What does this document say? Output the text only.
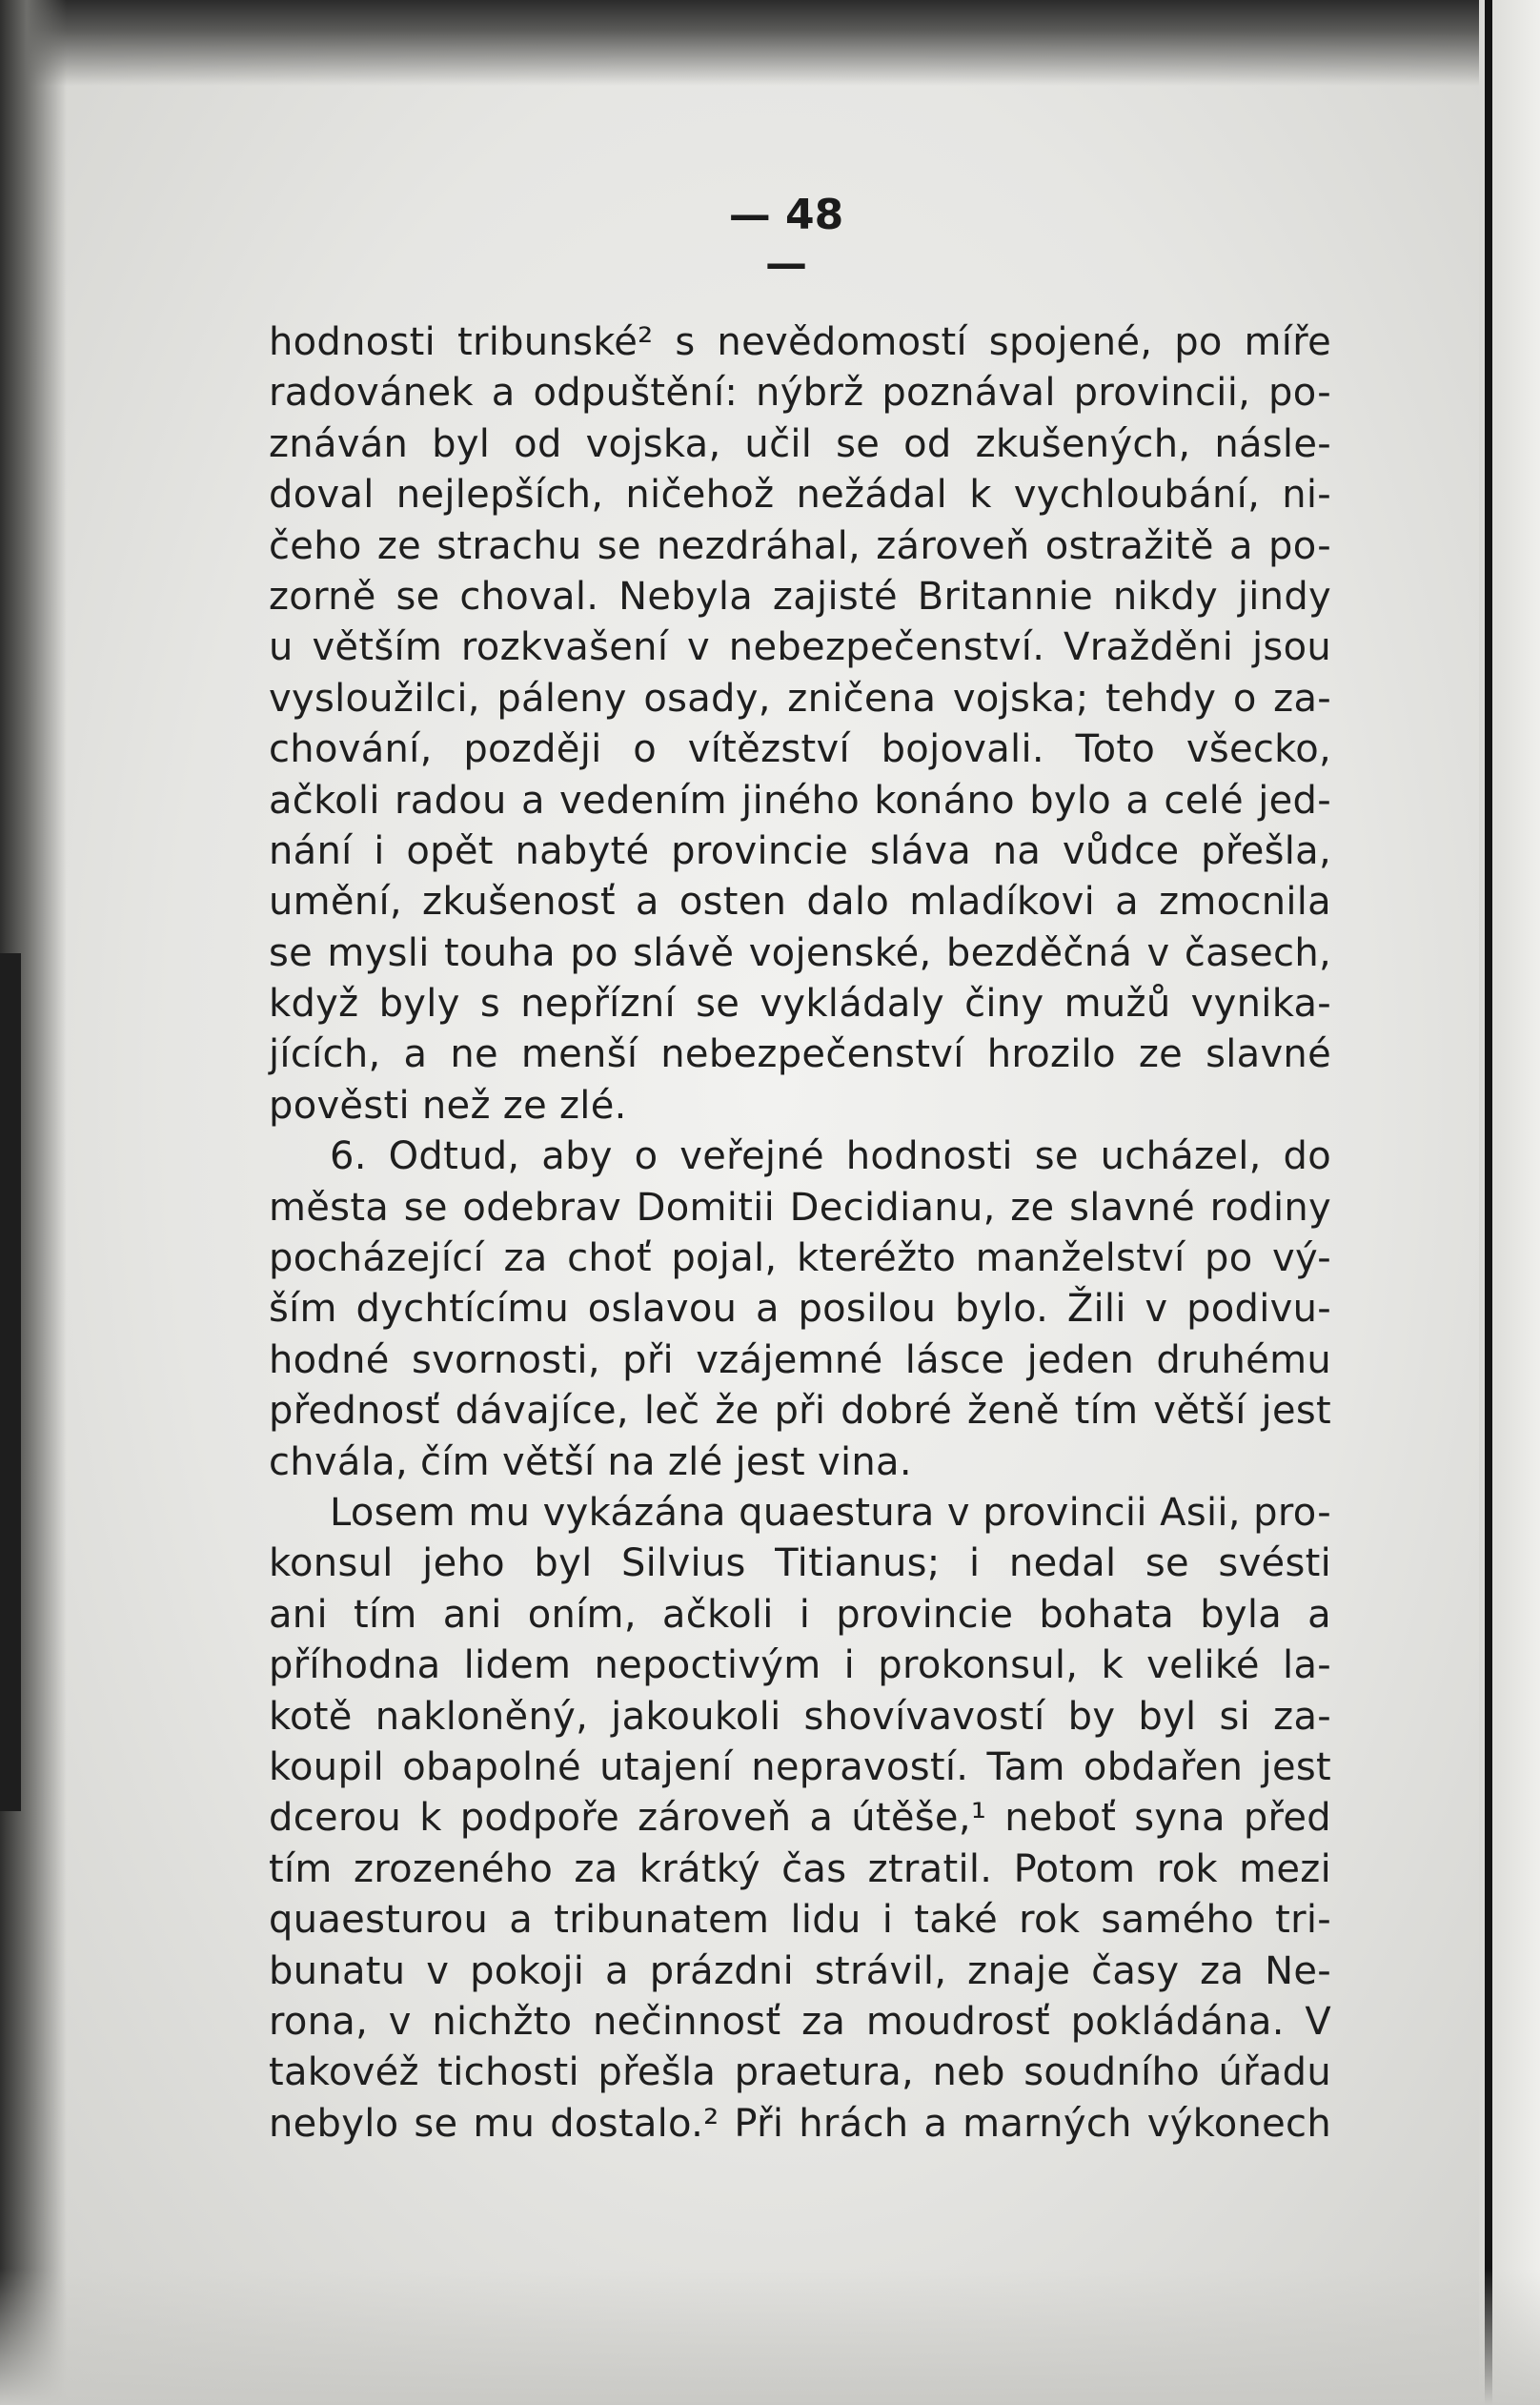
— 48 —
hodnosti tribunské² s nevědomostí spojené, po míře
radovánek a odpuštění: nýbrž poznával provincii, po-
znáván byl od vojska, učil se od zkušených, násle-
doval nejlepších, ničehož nežádal k vychloubání, ni-
čeho ze strachu se nezdráhal, zároveň ostražitě a po-
zorně se choval. Nebyla zajisté Britannie nikdy jindy
u větším rozkvašení v nebezpečenství. Vražděni jsou
vysloužilci, páleny osady, zničena vojska; tehdy o za-
chování, později o vítězství bojovali. Toto všecko,
ačkoli radou a vedením jiného konáno bylo a celé jed-
nání i opět nabyté provincie sláva na vůdce přešla,
umění, zkušenosť a osten dalo mladíkovi a zmocnila
se mysli touha po slávě vojenské, bezděčná v časech,
když byly s nepřízní se vykládaly činy mužů vynika-
jících, a ne menší nebezpečenství hrozilo ze slavné
pověsti než ze zlé.
6. Odtud, aby o veřejné hodnosti se ucházel, do
města se odebrav Domitii Decidianu, ze slavné rodiny
pocházející za choť pojal, kteréžto manželství po vý-
ším dychtícímu oslavou a posilou bylo. Žili v podivu-
hodné svornosti, při vzájemné lásce jeden druhému
přednosť dávajíce, leč že při dobré ženě tím větší jest
chvála, čím větší na zlé jest vina.
Losem mu vykázána quaestura v provincii Asii, pro-
konsul jeho byl Silvius Titianus; i nedal se svésti
ani tím ani oním, ačkoli i provincie bohata byla a
příhodna lidem nepoctivým i prokonsul, k veliké la-
kotě nakloněný, jakoukoli shovívavostí by byl si za-
koupil obapolné utajení nepravostí. Tam obdařen jest
dcerou k podpoře zároveň a útěše,¹ neboť syna před
tím zrozeného za krátký čas ztratil. Potom rok mezi
quaesturou a tribunatem lidu i také rok samého tri-
bunatu v pokoji a prázdni strávil, znaje časy za Ne-
rona, v nichžto nečinnosť za moudrosť pokládána. V
takovéž tichosti přešla praetura, neb soudního úřadu
nebylo se mu dostalo.² Při hrách a marných výkonech
